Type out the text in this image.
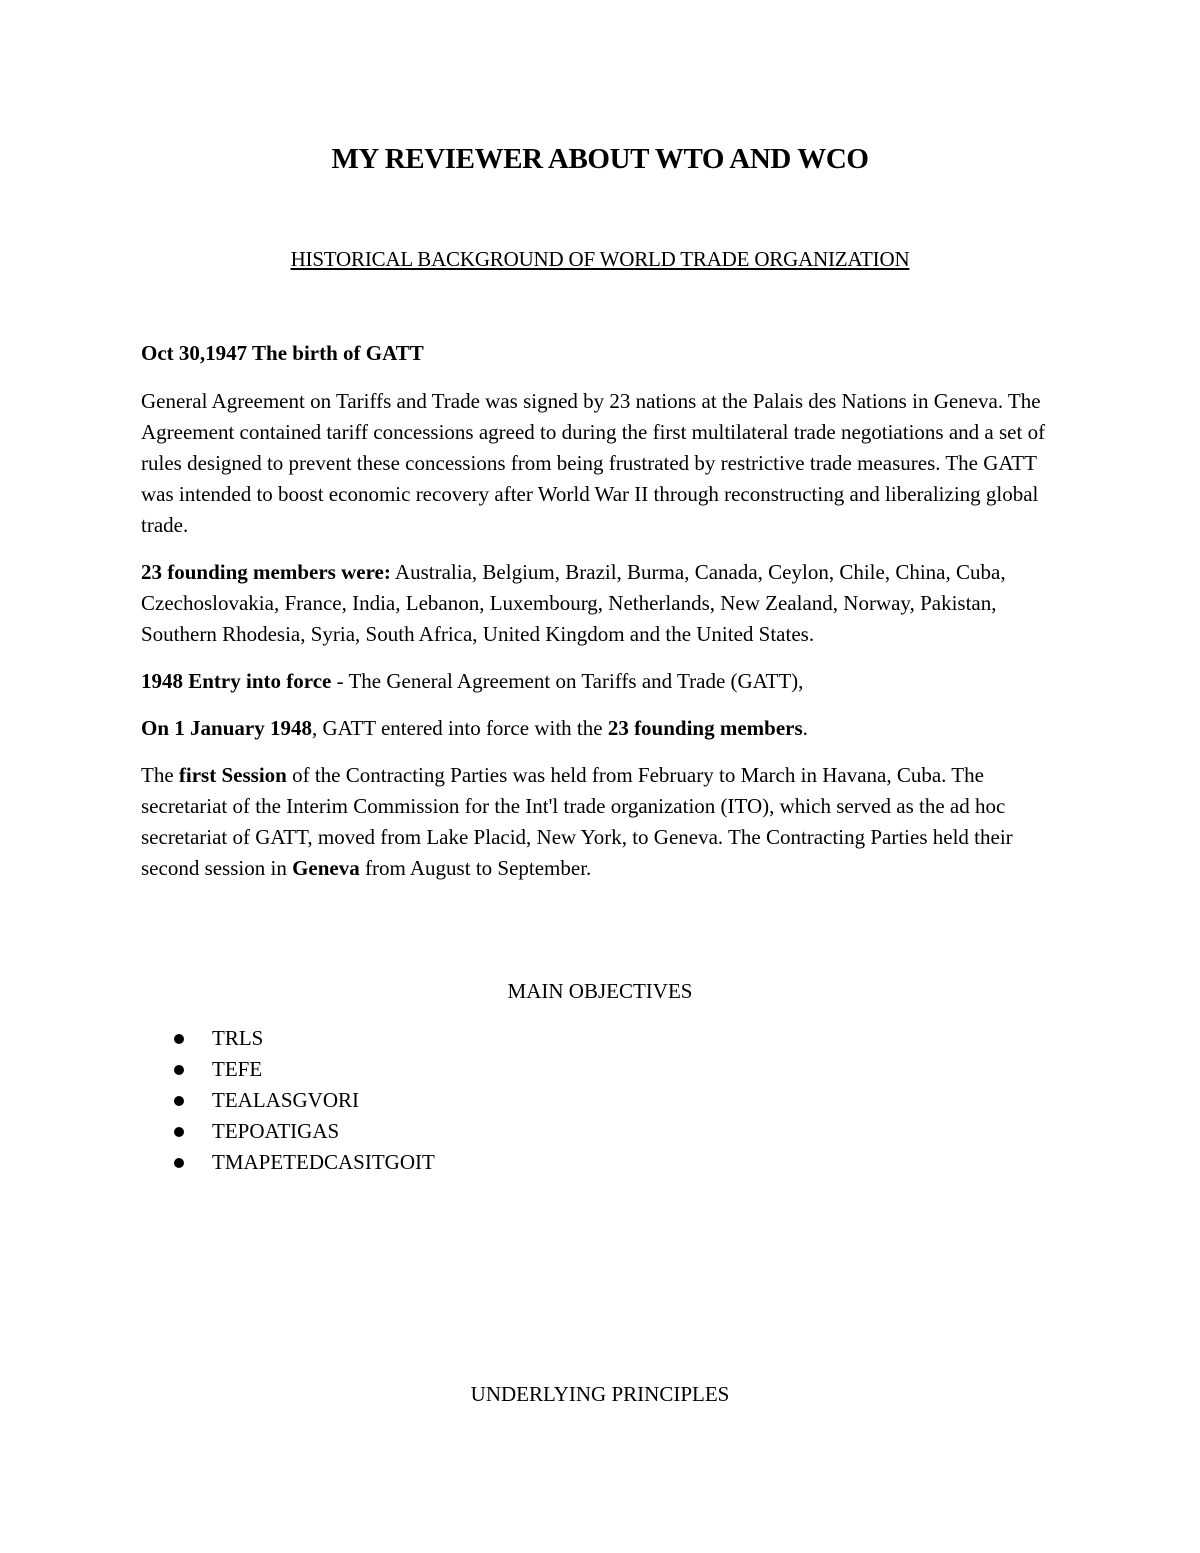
MY REVIEWER ABOUT WTO AND WCO
HISTORICAL BACKGROUND OF WORLD TRADE ORGANIZATION

Oct 30,1947 The birth of GATT

General Agreement on Tariffs and Trade was signed by 23 nations at the Palais des Nations in Geneva. The Agreement contained tariff concessions agreed to during the first multilateral trade negotiations and a set of rules designed to prevent these concessions from being frustrated by restrictive trade measures. The GATT was intended to boost economic recovery after World War II through reconstructing and liberalizing global trade.

23 founding members were: Australia, Belgium, Brazil, Burma, Canada, Ceylon, Chile, China, Cuba, Czechoslovakia, France, India, Lebanon, Luxembourg, Netherlands, New Zealand, Norway, Pakistan, Southern Rhodesia, Syria, South Africa, United Kingdom and the United States.

1948 Entry into force - The General Agreement on Tariffs and Trade (GATT),

On 1 January 1948, GATT entered into force with the 23 founding members.

The first Session of the Contracting Parties was held from February to March in Havana, Cuba. The secretariat of the Interim Commission for the Int'l trade organization (ITO), which served as the ad hoc secretariat of GATT, moved from Lake Placid, New York, to Geneva. The Contracting Parties held their second session in Geneva from August to September.

MAIN OBJECTIVES
TRLS
TEFE
TEALASGVORI
TEPOATIGAS
TMAPETEDCASITGOIT
UNDERLYING PRINCIPLES
